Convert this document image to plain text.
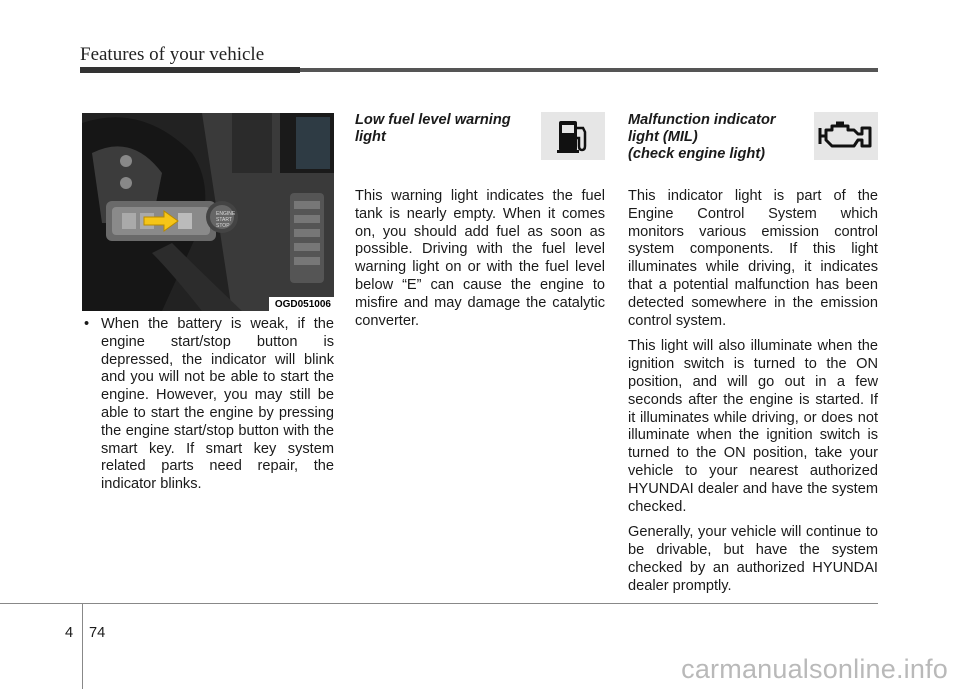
Features of your vehicle
ENGINE
START
STOP
OGD051006
• When the battery is weak, if the engine start/stop button is depressed, the indicator will blink and you will not be able to start the engine. However, you may still be able to start the engine by pressing the engine start/stop button with the smart key. If smart key system related parts need repair, the indicator blinks.
Low fuel level warning light

This warning light indicates the fuel tank is nearly empty. When it comes on, you should add fuel as soon as possible. Driving with the fuel level warning light on or with the fuel level below “E” can cause the engine to misfire and may damage the catalytic converter.

Malfunction indicator
light (MIL)
(check engine light)

This indicator light is part of the Engine Control System which monitors various emission control system components. If this light illuminates while driving, it indicates that a potential malfunction has been detected somewhere in the emission control system.

This light will also illuminate when the ignition switch is turned to the ON position, and will go out in a few seconds after the engine is started. If it illuminates while driving, or does not illuminate when the ignition switch is turned to the ON position, take your vehicle to your nearest authorized HYUNDAI dealer and have the system checked.

Generally, your vehicle will continue to be drivable, but have the system checked by an authorized HYUNDAI dealer promptly.

4 74
carmanualsonline.info
